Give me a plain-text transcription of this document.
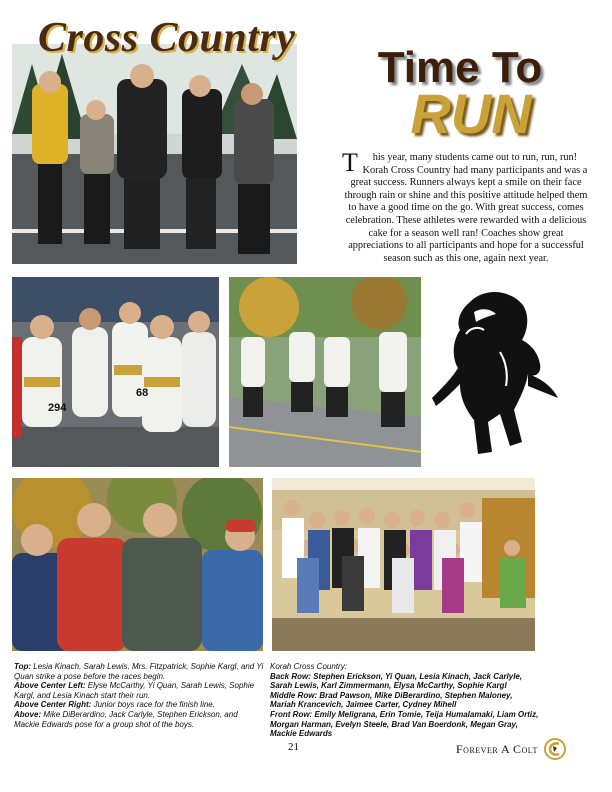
Cross Country
Time To
RUN
T his year, many students came out to run, run, run! Korah Cross Country had many participants and was a great success. Runners always kept a smile on their face through rain or shine and this positive attitude helped them to have a good time on the go. With great success, comes celebration. These athletes were rewarded with a delicious cake for a season well ran! Coaches show great appreciations to all participants and hope for a successful season such as this one, again next year.
294
68
Top: Lesia Kinach, Sarah Lewis, Mrs. Fitzpatrick, Sophie Kargl, and Yi Quan strike a pose before the races begin.
Above Center Left: Elyse McCarthy, Yi Quan, Sarah Lewis, Sophie Kargl, and Lesia Kinach start their run.
Above Center Right: Junior boys race for the finish line.
Above: Mike DiBerardino, Jack Carlyle, Stephen Erickson, and Mackie Edwards pose for a group shot of the boys.
Korah Cross Country:
Back Row: Stephen Erickson, Yi Quan, Lesia Kinach, Jack Carlyle, Sarah Lewis, Karl Zimmermann, Elysa McCarthy, Sophie Kargl
Middle Row: Brad Pawson, Mike DiBerardino, Stephen Maloney, Mariah Krancevich, Jaimee Carter, Cydney Mihell
Front Row: Emily Meligrana, Erin Tomie, Teija Humalamaki, Liam Ortiz, Morgan Harman, Evelyn Steele, Brad Van Boerdonk, Megan Gray, Mackie Edwards
21	Forever A Colt
